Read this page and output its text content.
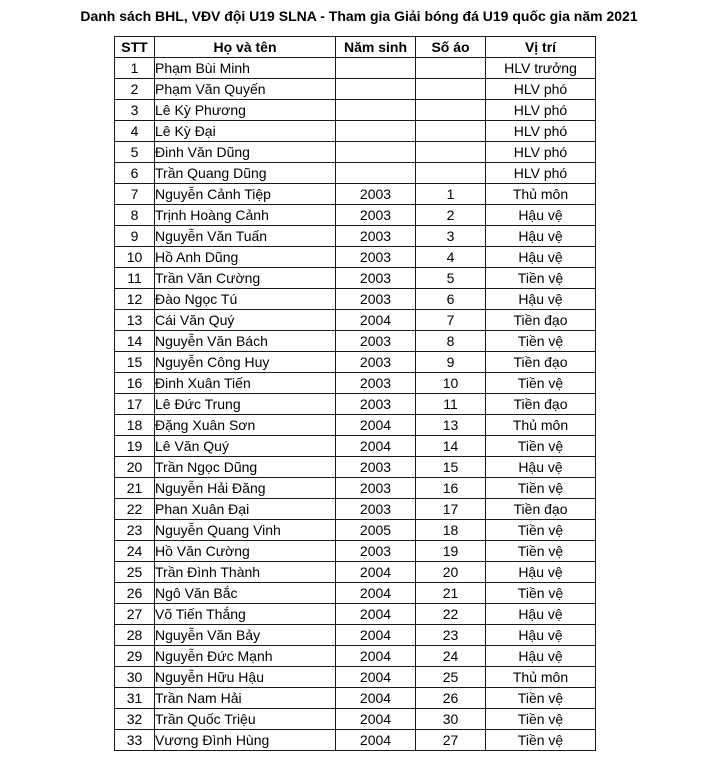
Danh sách BHL, VĐV đội U19 SLNA - Tham gia Giải bóng đá U19 quốc gia năm 2021
STT	Họ và tên	Năm sinh	Số áo	Vị trí
1	Phạm Bùi Minh			HLV trưởng
2	Phạm Văn Quyến			HLV phó
3	Lê Kỳ Phương			HLV phó
4	Lê Kỳ Đại			HLV phó
5	Đinh Văn Dũng			HLV phó
6	Trần Quang Dũng			HLV phó
7	Nguyễn Cảnh Tiệp	2003	1	Thủ môn
8	Trịnh Hoàng Cảnh	2003	2	Hậu vệ
9	Nguyễn Văn Tuấn	2003	3	Hậu vệ
10	Hồ Anh Dũng	2003	4	Hậu vệ
11	Trần Văn Cường	2003	5	Tiền vệ
12	Đào Ngọc Tú	2003	6	Hậu vệ
13	Cái Văn Quý	2004	7	Tiền đạo
14	Nguyễn Văn Bách	2003	8	Tiền vệ
15	Nguyễn Công Huy	2003	9	Tiền đạo
16	Đinh Xuân Tiến	2003	10	Tiền vệ
17	Lê Đức Trung	2003	11	Tiền đạo
18	Đặng Xuân Sơn	2004	13	Thủ môn
19	Lê Văn Quý	2004	14	Tiền vệ
20	Trần Ngọc Dũng	2003	15	Hậu vệ
21	Nguyễn Hải Đăng	2003	16	Tiền vệ
22	Phan Xuân Đại	2003	17	Tiền đạo
23	Nguyễn Quang Vinh	2005	18	Tiền vệ
24	Hồ Văn Cường	2003	19	Tiền vệ
25	Trần Đình Thành	2004	20	Hậu vệ
26	Ngô Văn Bắc	2004	21	Tiền vệ
27	Võ Tiến Thắng	2004	22	Hậu vệ
28	Nguyễn Văn Bảy	2004	23	Hậu vệ
29	Nguyễn Đức Mạnh	2004	24	Hậu vệ
30	Nguyễn Hữu Hậu	2004	25	Thủ môn
31	Trần Nam Hải	2004	26	Tiền vệ
32	Trần Quốc Triệu	2004	30	Tiền vệ
33	Vương Đình Hùng	2004	27	Tiền vệ
